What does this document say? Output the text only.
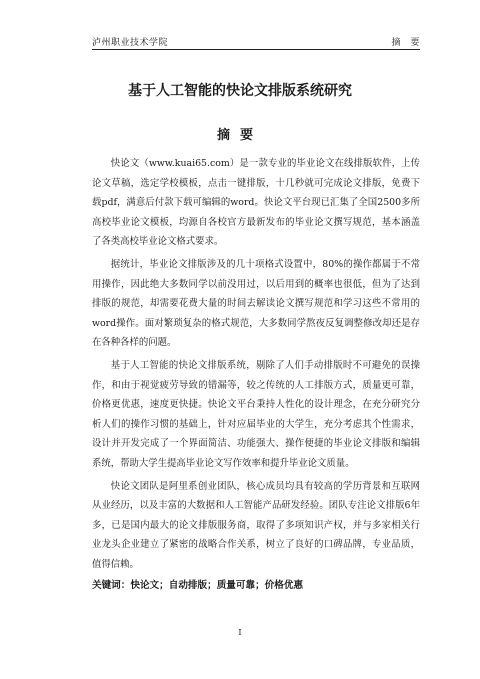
泸州职业技术学院	摘　要
基于人工智能的快论文排版系统研究
摘要

快论文（www.kuai65.com）是一款专业的毕业论文在线排版软件，上传论文草稿，选定学校模板，点击一键排版，十几秒就可完成论文排版，免费下载pdf，满意后付款下载可编辑的word。快论文平台现已汇集了全国2500多所高校毕业论文模板，均源自各校官方最新发布的毕业论文撰写规范，基本涵盖了各类高校毕业论文格式要求。

据统计，毕业论文排版涉及的几十项格式设置中，80%的操作都属于不常用操作，因此绝大多数同学以前没用过，以后用到的概率也很低，但为了达到排版的规范，却需要花费大量的时间去解读论文撰写规范和学习这些不常用的word操作。面对繁琐复杂的格式规范，大多数同学熬夜反复调整修改却还是存在各种各样的问题。

基于人工智能的快论文排版系统，剔除了人们手动排版时不可避免的误操作，和由于视觉疲劳导致的错漏等，较之传统的人工排版方式，质量更可靠，价格更优惠，速度更快捷。快论文平台秉持人性化的设计理念，在充分研究分析人们的操作习惯的基础上，针对应届毕业的大学生，充分考虑其个性需求，设计并开发完成了一个界面简洁、功能强大、操作便捷的毕业论文排版和编辑系统，帮助大学生提高毕业论文写作效率和提升毕业论文质量。

快论文团队是阿里系创业团队，核心成员均具有较高的学历背景和互联网从业经历，以及丰富的大数据和人工智能产品研发经验。团队专注论文排版6年多，已是国内最大的论文排版服务商，取得了多项知识产权，并与多家相关行业龙头企业建立了紧密的战略合作关系，树立了良好的口碑品牌，专业品质，值得信赖。

关键词：快论文；自动排版；质量可靠；价格优惠
I
